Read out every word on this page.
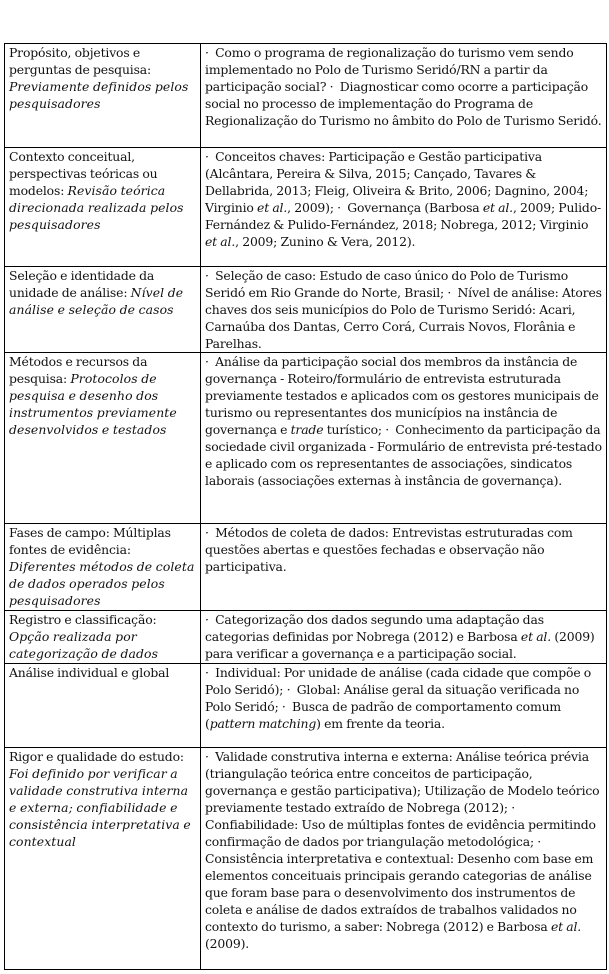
Propósito, objetivos e perguntas de pesquisa: Previamente definidos pelos pesquisadores	· Como o programa de regionalização do turismo vem sendo implementado no Polo de Turismo Seridó/RN a partir da participação social? · Diagnosticar como ocorre a participação social no processo de implementação do Programa de Regionalização do Turismo no âmbito do Polo de Turismo Seridó.
Contexto conceitual, perspectivas teóricas ou modelos: Revisão teórica direcionada realizada pelos pesquisadores	· Conceitos chaves: Participação e Gestão participativa (Alcântara, Pereira & Silva, 2015; Cançado, Tavares & Dellabrida, 2013; Fleig, Oliveira & Brito, 2006; Dagnino, 2004; Virginio et al., 2009); · Governança (Barbosa et al., 2009; Pulido-Fernández & Pulido-Fernández, 2018; Nobrega, 2012; Virginio et al., 2009; Zunino & Vera, 2012).
Seleção e identidade da unidade de análise: Nível de análise e seleção de casos	· Seleção de caso: Estudo de caso único do Polo de Turismo Seridó em Rio Grande do Norte, Brasil; · Nível de análise: Atores chaves dos seis municípios do Polo de Turismo Seridó: Acari, Carnaúba dos Dantas, Cerro Corá, Currais Novos, Florânia e Parelhas.
Métodos e recursos da pesquisa: Protocolos de pesquisa e desenho dos instrumentos previamente desenvolvidos e testados	· Análise da participação social dos membros da instância de governança - Roteiro/formulário de entrevista estruturada previamente testados e aplicados com os gestores municipais de turismo ou representantes dos municípios na instância de governança e trade turístico; · Conhecimento da participação da sociedade civil organizada - Formulário de entrevista pré-testado e aplicado com os representantes de associações, sindicatos laborais (associações externas à instância de governança).
Fases de campo: Múltiplas fontes de evidência: Diferentes métodos de coleta de dados operados pelos pesquisadores	· Métodos de coleta de dados: Entrevistas estruturadas com questões abertas e questões fechadas e observação não participativa.
Registro e classificação: Opção realizada por categorização de dados	· Categorização dos dados segundo uma adaptação das categorias definidas por Nobrega (2012) e Barbosa et al. (2009) para verificar a governança e a participação social.
Análise individual e global	· Individual: Por unidade de análise (cada cidade que compõe o Polo Seridó); · Global: Análise geral da situação verificada no Polo Seridó; · Busca de padrão de comportamento comum (pattern matching) em frente da teoria.
Rigor e qualidade do estudo: Foi definido por verificar a validade construtiva interna e externa; confiabilidade e consistência interpretativa e contextual	· Validade construtiva interna e externa: Análise teórica prévia (triangulação teórica entre conceitos de participação, governança e gestão participativa); Utilização de Modelo teórico previamente testado extraído de Nobrega (2012); · Confiabilidade: Uso de múltiplas fontes de evidência permitindo confirmação de dados por triangulação metodológica; · Consistência interpretativa e contextual: Desenho com base em elementos conceituais principais gerando categorias de análise que foram base para o desenvolvimento dos instrumentos de coleta e análise de dados extraídos de trabalhos validados no contexto do turismo, a saber: Nobrega (2012) e Barbosa et al. (2009).
